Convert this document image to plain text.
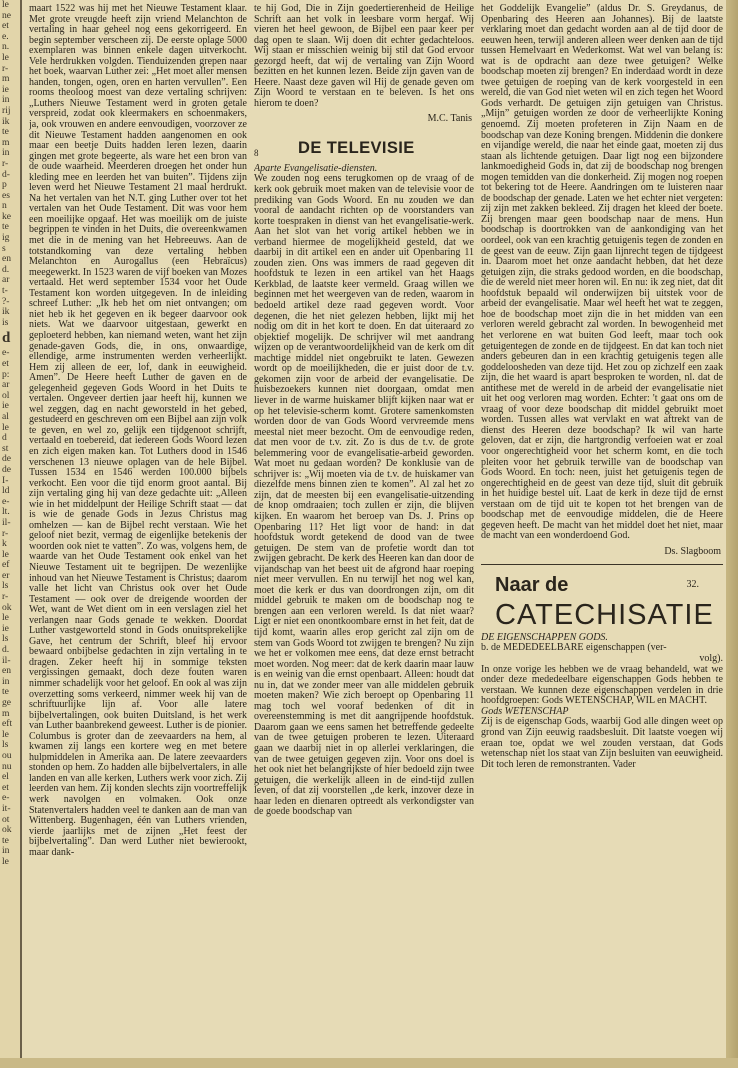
le
ne
et
e.
n.
le
r-
m
ie
in
rij
ik
te
m
in
r-
d-
p
es
n
ke
te
ig
s
en
d.
ar
t-
?-
ik
is
d
e-
et
p:
ar
ol
ie
al
le
d
st
de
de
I-
ld
e-
lt.
il-
r-
k
le
ef
er
ls
r-
ok
le
ie
ls
d.
il-
en
in
te
ge
m
eft
le
ls
ou
nu
el
et
e-
it-
ot
ok
te
in
le

maart 1522 was hij met het Nieuwe Testament klaar. Met grote vreugde heeft zijn vriend Melanchton de vertaling in haar geheel nog eens gekorrigeerd. En begin september verscheen zij. De eerste oplage 5000 exemplaren was binnen enkele dagen uitverkocht. Vele herdrukken volgden. Tienduizenden grepen naar het boek, waarvan Luther zei: „Het moet aller mensen handen, tongen, ogen, oren en harten vervullen”. Een rooms theoloog moest van deze vertaling schrijven: „Luthers Nieuwe Testament werd in groten getale verspreid, zodat ook kleermakers en schoenmakers, ja, ook vrouwen en andere eenvoudigen, voorzover ze dit Nieuwe Testament hadden aangenomen en ook maar een beetje Duits hadden leren lezen, daarin gingen met grote begeerte, als ware het een bron van de oude waarheid. Meerderen droegen het onder hun kleding mee en leerden het van buiten”. Tijdens zijn leven werd het Nieuwe Testament 21 maal herdrukt. Na het vertalen van het N.T. ging Luther over tot het vertalen van het Oude Testament. Dit was voor hem een moeilijke opgaaf. Het was moeilijk om de juiste begrippen te vinden in het Duits, die overeenkwamen met die in de mening van het Hebreeuws. Aan de totstandkoming van deze vertaling hebben Melanchton en Aurogallus (een Hebraïcus) meegewerkt. In 1523 waren de vijf boeken van Mozes vertaald. Het werd september 1534 voor het Oude Testament kon worden uitgegeven. In de inleiding schreef Luther: „Ik heb het om niet ontvangen; om niet heb ik het gegeven en ik begeer daarvoor ook niets. Wat we daarvoor uitgestaan, gewerkt en geploeterd hebben, kan niemand weten, want het zijn genade-gaven Gods, die, in ons, onwaardige, ellendige, arme instrumenten werden verheerlijkt. Hem zij alleen de eer, lof, dank in eeuwigheid. Amen”. De Heere heeft Luther de gaven en de gelegenheid gegeven Gods Woord in het Duits te vertalen. Ongeveer dertien jaar heeft hij, kunnen we wel zeggen, dag en nacht geworsteld in het gebed, gestudeerd en geschreven om een Bijbel aan zijn volk te geven, en wel zo, gelijk een tijdgenoot schrijft, vertaald en toebereid, dat iedereen Gods Woord lezen en zich eigen maken kan. Tot Luthers dood in 1546 verschenen 13 nieuwe oplagen van de hele Bijbel. Tussen 1534 en 1546 werden 100.000 bijbels verkocht. Een voor die tijd enorm groot aantal. Bij zijn vertaling ging hij van deze gedachte uit: „Alleen wie in het middelpunt der Heilige Schrift staat — dat is wie de genade Gods in Jezus Christus mag omhelzen — kan de Bijbel recht verstaan. Wie het geloof niet bezit, vermag de eigenlijke betekenis der woorden ook niet te vatten”. Zo was, volgens hem, de waarde van het Oude Testament ook enkel van het Nieuwe Testament uit te begrijpen. De wezenlijke inhoud van het Nieuwe Testament is Christus; daarom valle het licht van Christus ook over het Oude Testament — ook over de dreigende woorden der Wet, want de Wet dient om in een verslagen ziel het verlangen naar Gods genade te wekken. Doordat Luther vastgeworteld stond in Gods onuitsprekelijke Gave, het centrum der Schrift, bleef hij ervoor bewaard onbijbelse gedachten in zijn vertaling in te dragen. Zeker heeft hij in sommige teksten vergissingen gemaakt, doch deze fouten waren nimmer schadelijk voor het geloof. En ook al was zijn overzetting soms verkeerd, nimmer week hij van de schriftuurlijke lijn af. Voor alle latere bijbelvertalingen, ook buiten Duitsland, is het werk van Luther baanbrekend geweest. Luther is de pionier. Columbus is groter dan de zeevaarders na hem, al kwamen zij langs een kortere weg en met betere hulpmiddelen in Amerika aan. De latere zeevaarders stonden op hem. Zo hadden alle bijbelvertalers, in alle landen en van alle kerken, Luthers werk voor zich. Zij leerden van hem. Zij konden slechts zijn voortreffelijk werk navolgen en volmaken. Ook onze Statenvertalers hadden veel te danken aan de man van Wittenberg. Bugenhagen, één van Luthers vrienden, vierde jaarlijks met de zijnen „Het feest der bijbelvertaling”. Dan werd Luther niet bewierookt, maar dank-

te hij God, Die in Zijn goedertierenheid de Heilige Schrift aan het volk in leesbare vorm hergaf. Wij vieren het heel gewoon, de Bijbel een paar keer per dag open te slaan. Wij doen dit echter gedachteloos. Wij staan er misschien weinig bij stil dat God ervoor gezorgd heeft, dat wij de vertaling van Zijn Woord bezitten en het kunnen lezen. Beide zijn gaven van de Heere. Naast deze gaven wil Hij de genade geven om Zijn Woord te verstaan en te beleven. Is het ons hierom te doen?

M.C. Tanis
8 DE TELEVISIE

Aparte Evangelisatie-diensten.

We zouden nog eens terugkomen op de vraag of de kerk ook gebruik moet maken van de televisie voor de prediking van Gods Woord. En nu zouden we dan vooral de aandacht richten op de voorstanders van korte toespraken in dienst van het evangelisatie-werk. Aan het slot van het vorig artikel hebben we in verband hiermee de mogelijkheid gesteld, dat we daarbij in dit artikel een en ander uit Openbaring 11 zouden zien. Ons was immers de raad gegeven dit hoofdstuk te lezen in een artikel van het Haags Kerkblad, de laatste keer vermeld. Graag willen we beginnen met het weergeven van de reden, waarom in bedoeld artikel deze raad gegeven wordt. Voor degenen, die het niet gelezen hebben, lijkt mij het nodig om dit in het kort te doen. En dat uiteraard zo objektief mogelijk. De schrijver wil met aandrang wijzen op de verantwoordelijkheid van de kerk om dit machtige middel niet ongebruikt te laten. Gewezen wordt op de moeilijkheden, die er juist door de t.v. gekomen zijn voor de arbeid der evangelisatie. De huisbezoekers kunnen niet doorgaan, omdat men liever in de warme huiskamer blijft kijken naar wat er op het televisie-scherm komt. Grotere samenkomsten worden door de van Gods Woord vervreemde mens meestal niet meer bezocht. Om de eenvoudige reden, dat men voor de t.v. zit. Zo is dus de t.v. de grote belemmering voor de evangelisatie-arbeid geworden. Wat moet nu gedaan worden? De konklusie van de schrijver is: „Wij moeten via de t.v. de huiskamer van diezelfde mens binnen zien te komen”. Al zal het zo zijn, dat de meesten bij een evangelisatie-uitzending de knop omdraaien; toch zullen er zijn, die blijven kijken. En waarom het beroep van Ds. J. Prins op Openbaring 11? Het ligt voor de hand: in dat hoofdstuk wordt getekend de dood van de twee getuigen. De stem van de profetie wordt dan tot zwijgen gebracht. De kerk des Heeren kan dan door de vijandschap van het beest uit de afgrond haar roeping niet meer vervullen. En nu terwijl het nog wel kan, moet die kerk er dus van doordrongen zijn, om dit middel gebruik te maken om de boodschap nog te brengen aan een verloren wereld. Is dat niet waar? Ligt er niet een onontkoombare ernst in het feit, dat de tijd komt, waarin alles erop gericht zal zijn om de stem van Gods Woord tot zwijgen te brengen? Nu zijn we het er volkomen mee eens, dat deze ernst betracht moet worden. Nog meer: dat de kerk daarin maar lauw is en weinig van die ernst openbaart. Alleen: houdt dat nu in, dat we zonder meer van alle middelen gebruik moeten maken? Wie zich beroept op Openbaring 11 mag toch wel vooraf bedenken of dit in overeenstemming is met dit aangrijpende hoofdstuk. Daarom gaan we eens samen het betreffende gedeelte van de twee getuigen proberen te lezen. Uiteraard gaan we daarbij niet in op allerlei verklaringen, die van de twee getuigen gegeven zijn. Voor ons doel is het ook niet het belangrijkste of hier bedoeld zijn twee getuigen, die werkelijk alleen in de eind-tijd zullen leven, of dat zij voorstellen „de kerk, inzover deze in haar leden en dienaren optreedt als verkondigster van de goede boodschap van

het Goddelijk Evangelie” (aldus Dr. S. Greydanus, de Openbaring des Heeren aan Johannes). Bij de laatste verklaring moet dan gedacht worden aan al de tijd door de eeuwen heen, terwijl anderen alleen weer denken aan de tijd tussen Hemelvaart en Wederkomst. Wat wel van belang is: wat is de opdracht aan deze twee getuigen? Welke boodschap moeten zij brengen? En inderdaad wordt in deze twee getuigen de roeping van de kerk voorgesteld in een wereld, die van God niet weten wil en zich tegen het Woord Gods verhardt. De getuigen zijn getuigen van Christus. „Mijn” getuigen worden ze door de verheerlijkte Koning genoemd. Zij moeten profeteren in Zijn Naam en de boodschap van deze Koning brengen. Middenin die donkere en vijandige wereld, die naar het einde gaat, moeten zij dus staan als lichtende getuigen. Daar ligt nog een bijzondere lankmoedigheid Gods in, dat zij de boodschap nog brengen mogen temidden van die donkerheid. Zij mogen nog roepen tot bekering tot de Heere. Aandringen om te luisteren naar de boodschap der genade. Laten we het echter niet vergeten: zij zijn met zakken bekleed. Zij dragen het kleed der boete. Zij brengen maar geen boodschap naar de mens. Hun boodschap is doortrokken van de aankondiging van het oordeel, ook van een krachtig getuigenis tegen de zonden en de geest van de eeuw. Zijn gaan lijnrecht tegen de tijdgeest in. Daarom moet het onze aandacht hebben, dat het deze getuigen zijn, die straks gedood worden, en die boodschap, die de wereld niet meer horen wil. En nu: ik zeg niet, dat dit hoofdstuk bepaald wil onderwijzen bij uitstek voor de arbeid der evangelisatie. Maar wel heeft het wat te zeggen, hoe de boodschap moet zijn die in het midden van een verloren wereld gebracht zal worden. In bewogenheid met het verlorene en wat buiten God leeft, maar toch ook getuigentegen de zonde en de tijdgeest. En dat kan toch niet anders gebeuren dan in een krachtig getuigenis tegen alle goddeloosheden van deze tijd. Het zou op zichzelf een zaak zijn, die het waard is apart besproken te worden, nl. dat de antithese met de wereld in de arbeid der evangelisatie niet uit het oog verloren mag worden. Echter: 't gaat ons om de vraag of voor deze boodschap dit middel gebruikt moet worden. Tussen alles wat vervlakt en wat aftrekt van de dienst des Heeren deze boodschap? Ik wil van harte geloven, dat er zijn, die hartgrondig verfoeien wat er zoal voor ongerechtigheid voor het scherm komt, en die toch pleiten voor het gebruik terwille van de boodschap van Gods Woord. En toch: neen, juist het getuigenis tegen de ongerechtigheid en de geest van deze tijd, sluit dit gebruik in het huidige bestel uit. Laat de kerk in deze tijd de ernst verstaan om de tijd uit te kopen tot het brengen van de boodschap met de eenvoudige middelen, die de Heere gegeven heeft. De macht van het middel doet het niet, maar de macht van een wonderdoend God.

Ds. Slagboom
Naar de	32.
CATECHISATIE

DE EIGENSCHAPPEN GODS.

b. de MEDEDEELBARE eigenschappen (ver-

volg).

In onze vorige les hebben we de vraag behandeld, wat we onder deze mededeelbare eigenschappen Gods hebben te verstaan. We kunnen deze eigenschappen verdelen in drie hoofdgroepen: Gods WETENSCHAP, WIL en MACHT.

Gods WETENSCHAP

Zij is de eigenschap Gods, waarbij God alle dingen weet op grond van Zijn eeuwig raadsbesluit. Dit laatste voegen wij eraan toe, opdat we wel zouden verstaan, dat Gods wetenschap niet los staat van Zijn besluiten van eeuwigheid. Dit toch leren de remonstranten. Vader
